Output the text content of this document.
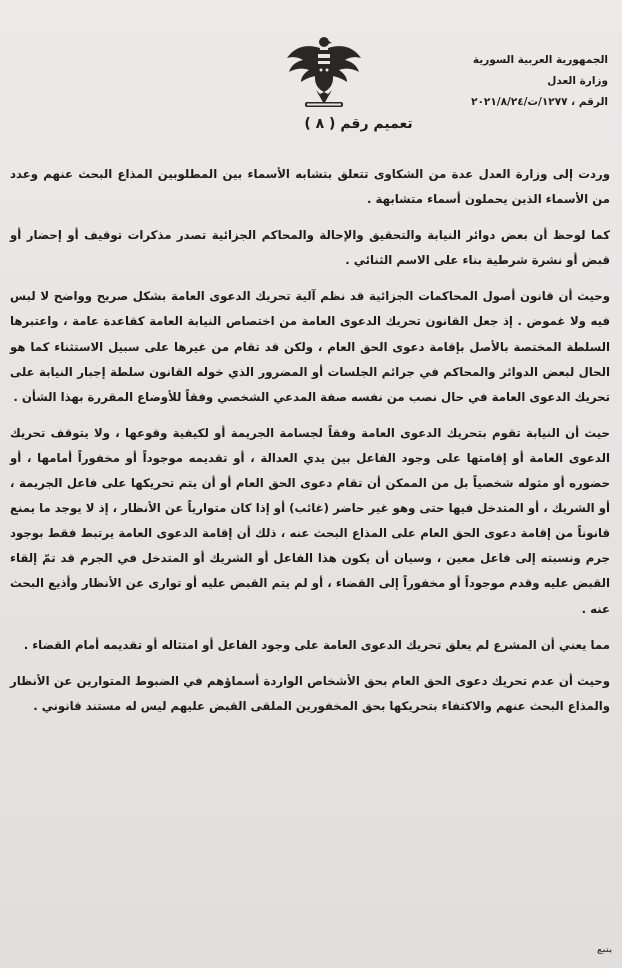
الجمهورية العربية السورية
وزارة العدل
الرقم ، ١٢٧٧/ت/٢٠٢١/٨/٢٤
تعميم رقم ( ٨ )

وردت إلى وزارة العدل عدة من الشكاوى تتعلق بتشابه الأسماء بين المطلوبين المذاع البحث عنهم وعدد من الأسماء الذين يحملون أسماء متشابهة .

كما لوحظ أن بعض دوائر النيابة والتحقيق والإحالة والمحاكم الجزائية تصدر مذكرات توقيف أو إحضار أو قبض أو نشرة شرطية بناء على الاسم الثنائي .

وحيث أن قانون أصول المحاكمات الجزائية قد نظم آلية تحريك الدعوى العامة بشكل صريح وواضح لا لبس فيه ولا غموض . إذ جعل القانون تحريك الدعوى العامة من اختصاص النيابة العامة كقاعدة عامة ، واعتبرها السلطة المختصة بالأصل بإقامة دعوى الحق العام ، ولكن قد تقام من غيرها على سبيل الاستثناء كما هو الحال لبعض الدوائر والمحاكم في جرائم الجلسات أو المضرور الذي خوله القانون سلطة إجبار النيابة على تحريك الدعوى العامة في حال نصب من نفسه صفة المدعي الشخصي وفقاً للأوضاع المقررة بهذا الشأن .

حيث أن النيابة تقوم بتحريك الدعوى العامة وفقاً لجسامة الجريمة أو لكيفية وقوعها ، ولا يتوقف تحريك الدعوى العامة أو إقامتها على وجود الفاعل بين يدي العدالة ، أو تقديمه موجوداً أو مخفوراً أمامها ، أو حضوره أو مثوله شخصياً بل من الممكن أن تقام دعوى الحق العام أو أن يتم تحريكها على فاعل الجريمة ، أو الشريك ، أو المتدخل فيها حتى وهو غير حاضر (غائب) أو إذا كان متوارياً عن الأنظار ، إذ لا يوجد ما يمنع قانوناً من إقامة دعوى الحق العام على المذاع البحث عنه ، ذلك أن إقامة الدعوى العامة يرتبط فقط بوجود جرم ونسبته إلى فاعل معين ، وسيان أن يكون هذا الفاعل أو الشريك أو المتدخل في الجرم قد تمّ إلقاء القبض عليه وقدم موجوداً أو مخفوراً إلى القضاء ، أو لم يتم القبض عليه أو توارى عن الأنظار وأذيع البحث عنه .

مما يعني أن المشرع لم يعلق تحريك الدعوى العامة على وجود الفاعل أو امتثاله أو تقديمه أمام القضاء .

وحيث أن عدم تحريك دعوى الحق العام بحق الأشخاص الواردة أسماؤهم في الضبوط المتوارين عن الأنظار والمذاع البحث عنهم والاكتفاء بتحريكها بحق المخفورين الملقى القبض عليهم ليس له مستند قانوني .

يتبع
